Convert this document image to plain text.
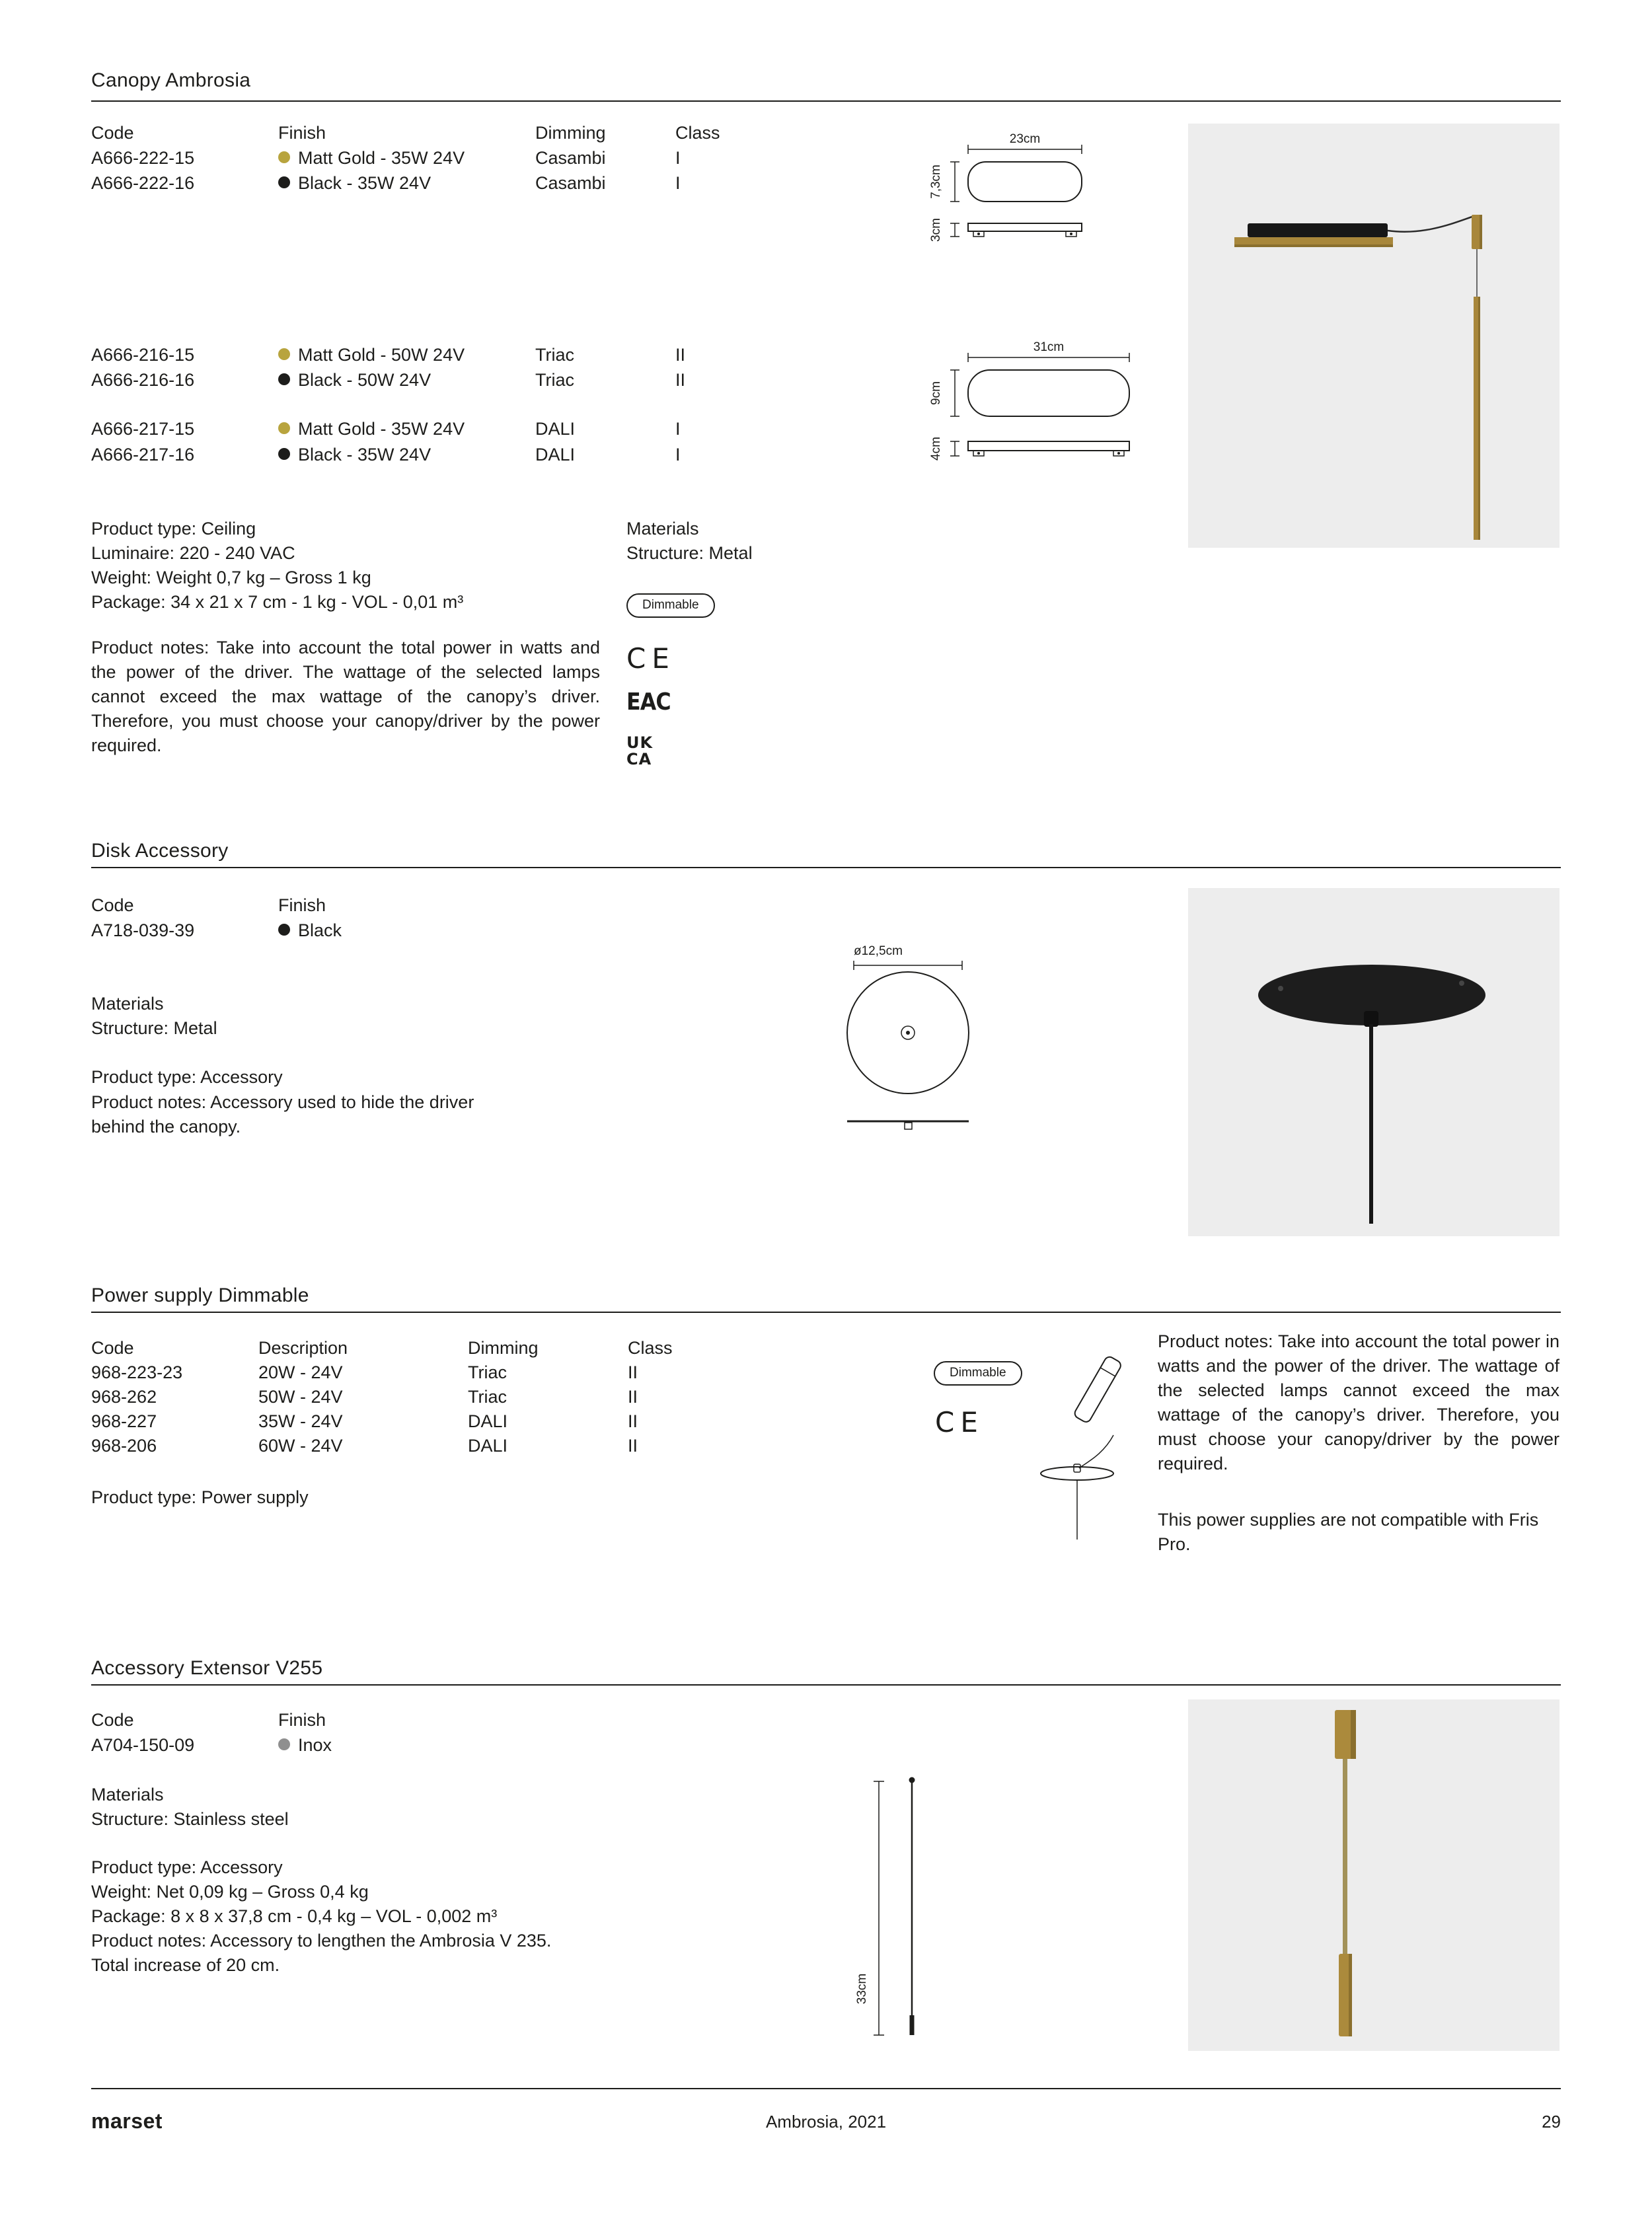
Canopy Ambrosia
Code	Finish	Dimming	Class
A666-222-15	Matt Gold - 35W 24V	Casambi	I
A666-222-16	Black - 35W 24V	Casambi	I
A666-216-15	Matt Gold - 50W 24V	Triac	II
A666-216-16	Black - 50W 24V	Triac	II
A666-217-15	Matt Gold - 35W 24V	DALI	I
A666-217-16	Black - 35W 24V	DALI	I
23cm
7,3cm
3cm
31cm
9cm
4cm
Product type: Ceiling
Luminaire: 220 - 240 VAC
Weight: Weight 0,7 kg – Gross 1 kg
Package: 34 x 21 x 7 cm - 1 kg - VOL - 0,01 m³
Materials
Structure: Metal
Dimmable
Product notes: Take into account the total power in watts and the power of the driver. The wattage of the selected lamps cannot exceed the max wattage of the canopy’s driver. Therefore, you must choose your canopy/driver by the power required.
CE
EAC
UK
CA
Disk Accessory
Code	Finish
A718-039-39	Black
Materials
Structure: Metal
Product type: Accessory
Product notes: Accessory used to hide the driver behind the canopy.
ø12,5cm
Power supply Dimmable
Code	Description	Dimming	Class
968-223-23	20W - 24V	Triac	II
968-262	50W - 24V	Triac	II
968-227	35W - 24V	DALI	II
968-206	60W - 24V	DALI	II
Product type: Power supply
Dimmable
CE
Product notes: Take into account the total power in watts and the power of the driver. The wattage of the selected lamps cannot exceed the max wattage of the canopy’s driver. Therefore, you must choose your canopy/driver by the power required.
This power supplies are not compatible with Fris Pro.
Accessory Extensor V255
Code	Finish
A704-150-09	Inox
Materials
Structure: Stainless steel
Product type: Accessory
Weight: Net 0,09 kg – Gross 0,4 kg
Package: 8 x 8 x 37,8 cm - 0,4 kg – VOL - 0,002 m³
Product notes: Accessory to lengthen the Ambrosia V 235.
Total increase of 20 cm.
33cm
marset	Ambrosia, 2021	29
